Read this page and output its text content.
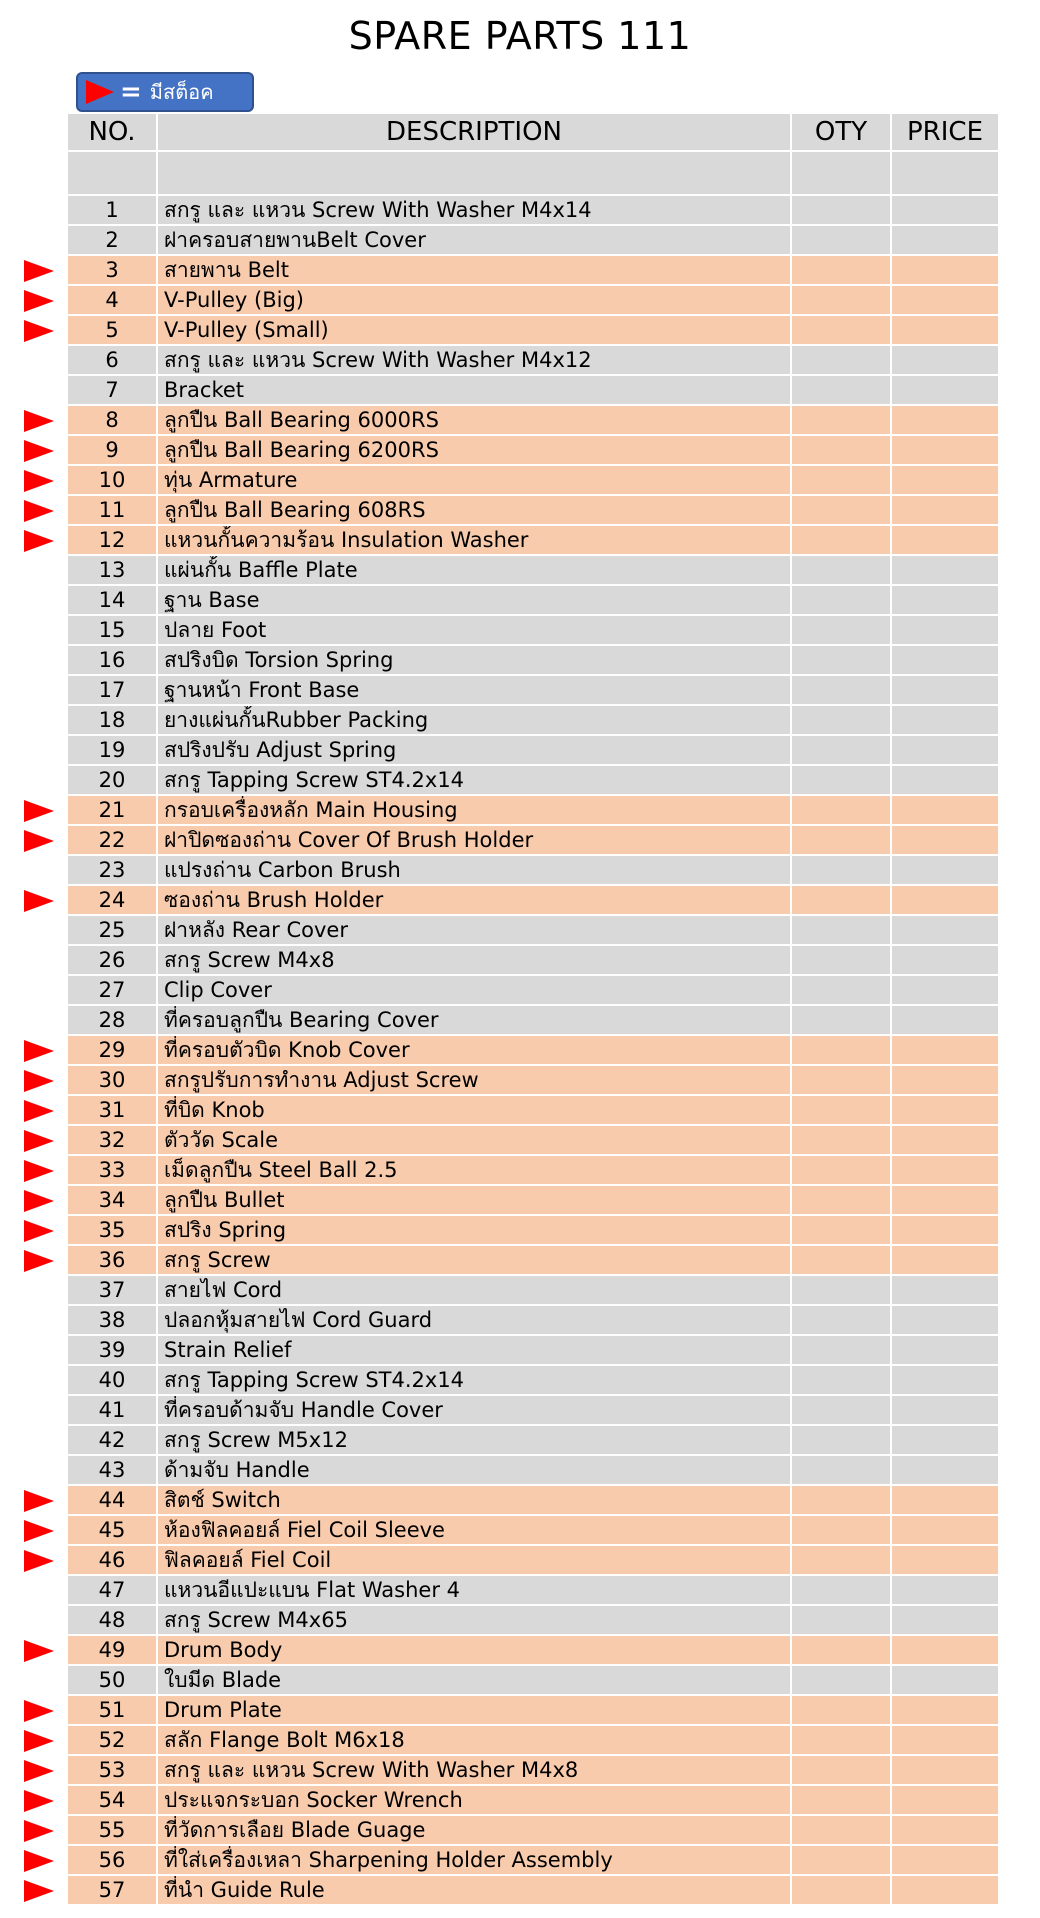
SPARE PARTS 111
= มีสต็อค
NO.	DESCRIPTION	OTY	PRICE
1	สกรู และ แหวน Screw With Washer M4x14
2	ฝาครอบสายพานBelt Cover
3	สายพาน Belt
4	V-Pulley (Big)
5	V-Pulley (Small)
6	สกรู และ แหวน Screw With Washer M4x12
7	Bracket
8	ลูกปืน Ball Bearing 6000RS
9	ลูกปืน Ball Bearing 6200RS
10	ทุ่น Armature
11	ลูกปืน Ball Bearing 608RS
12	แหวนกั้นความร้อน Insulation Washer
13	แผ่นกั้น Baffle Plate
14	ฐาน Base
15	ปลาย Foot
16	สปริงบิด Torsion Spring
17	ฐานหน้า Front Base
18	ยางแผ่นกั้นRubber Packing
19	สปริงปรับ Adjust Spring
20	สกรู Tapping Screw ST4.2x14
21	กรอบเครื่องหลัก Main Housing
22	ฝาปิดซองถ่าน Cover Of Brush Holder
23	แปรงถ่าน Carbon Brush
24	ซองถ่าน Brush Holder
25	ฝาหลัง Rear Cover
26	สกรู Screw M4x8
27	Clip Cover
28	ที่ครอบลูกปืน Bearing Cover
29	ที่ครอบตัวบิด Knob Cover
30	สกรูปรับการทำงาน Adjust Screw
31	ที่บิด Knob
32	ตัววัด Scale
33	เม็ดลูกปืน Steel Ball 2.5
34	ลูกปืน Bullet
35	สปริง Spring
36	สกรู Screw
37	สายไฟ Cord
38	ปลอกหุ้มสายไฟ Cord Guard
39	Strain Relief
40	สกรู Tapping Screw ST4.2x14
41	ที่ครอบด้ามจับ Handle Cover
42	สกรู Screw M5x12
43	ด้ามจับ Handle
44	สิตช์ Switch
45	ห้องฟิลคอยล์ Fiel Coil Sleeve
46	ฟิลคอยล์ Fiel Coil
47	แหวนอีแปะแบน Flat Washer 4
48	สกรู Screw M4x65
49	Drum Body
50	ใบมีด Blade
51	Drum Plate
52	สลัก Flange Bolt M6x18
53	สกรู และ แหวน Screw With Washer M4x8
54	ประแจกระบอก Socker Wrench
55	ที่วัดการเลือย Blade Guage
56	ที่ใส่เครื่องเหลา Sharpening Holder Assembly
57	ที่นำ Guide Rule
